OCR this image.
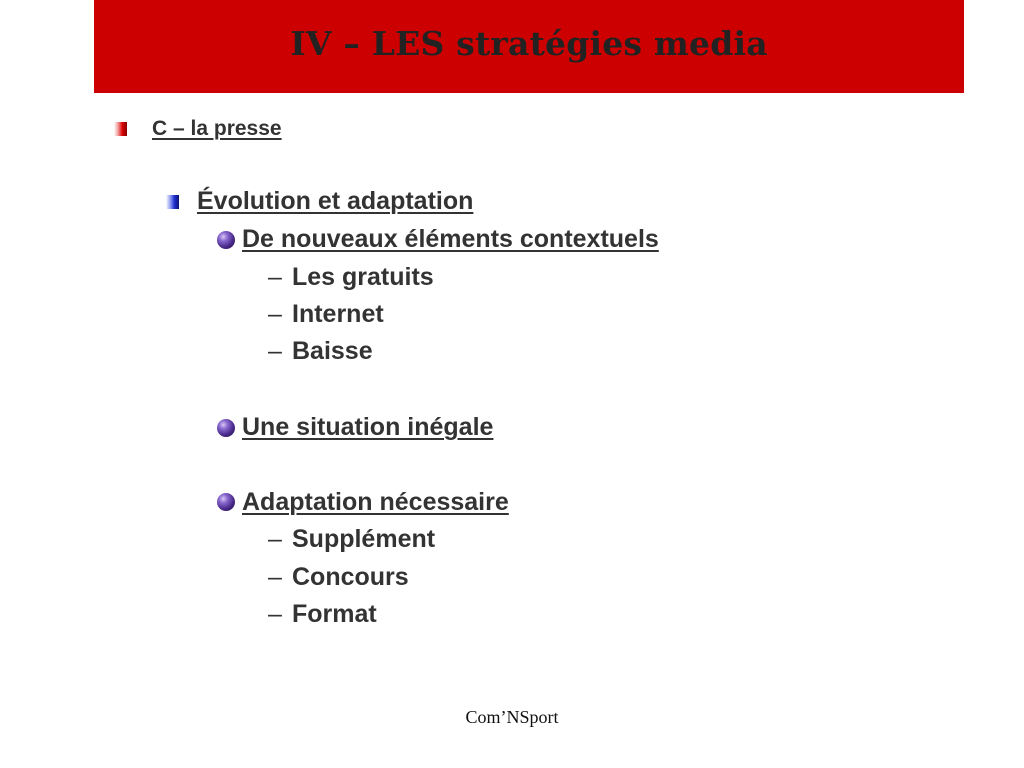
IV – LES stratégies media
C – la presse
Évolution et adaptation
De nouveaux éléments contextuels
– Les gratuits
– Internet
– Baisse
Une situation inégale
Adaptation nécessaire
– Supplément
– Concours
– Format
Com’NSport
